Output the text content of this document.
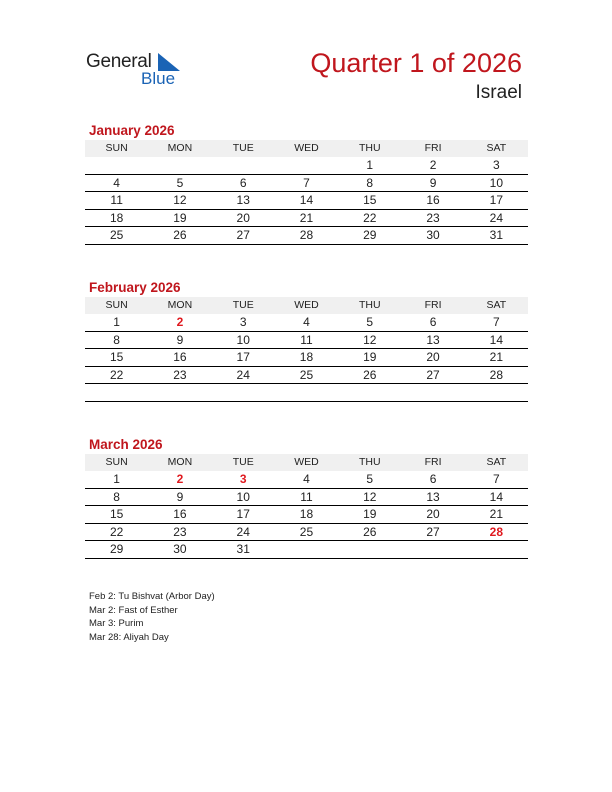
General
Blue
Quarter 1 of 2026
Israel
January 2026
SUN	MON	TUE	WED	THU	FRI	SAT
				1	2	3
4	5	6	7	8	9	10
11	12	13	14	15	16	17
18	19	20	21	22	23	24
25	26	27	28	29	30	31
February 2026
SUN	MON	TUE	WED	THU	FRI	SAT
1	2	3	4	5	6	7
8	9	10	11	12	13	14
15	16	17	18	19	20	21
22	23	24	25	26	27	28

March 2026
SUN	MON	TUE	WED	THU	FRI	SAT
1	2	3	4	5	6	7
8	9	10	11	12	13	14
15	16	17	18	19	20	21
22	23	24	25	26	27	28
29	30	31				
Feb 2: Tu Bishvat (Arbor Day)
Mar 2: Fast of Esther
Mar 3: Purim
Mar 28: Aliyah Day
